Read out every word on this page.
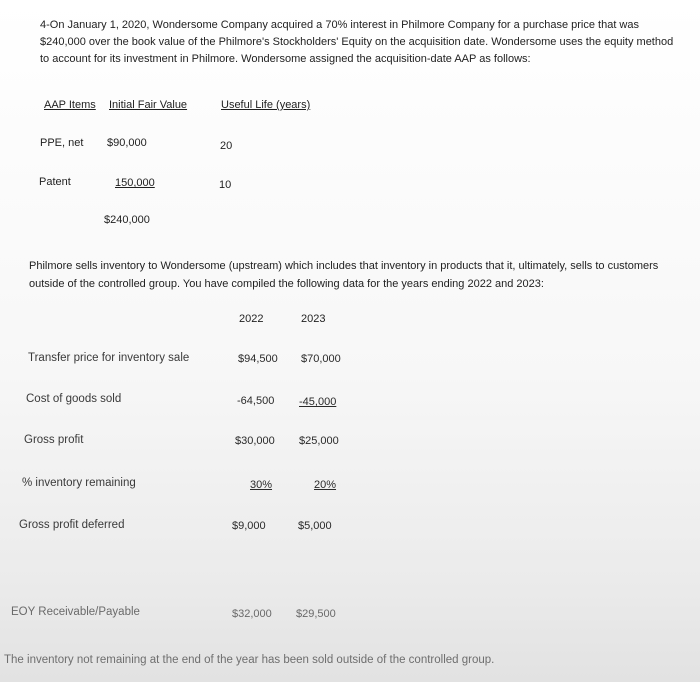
4-On January 1, 2020, Wondersome Company acquired a 70% interest in Philmore Company for a purchase price that was $240,000 over the book value of the Philmore's Stockholders' Equity on the acquisition date. Wondersome uses the equity method to account for its investment in Philmore. Wondersome assigned the acquisition-date AAP as follows:
AAP Items Initial Fair Value	Useful Life (years)
PPE, net $90,000	20
Patent	150,000	10
$240,000
Philmore sells inventory to Wondersome (upstream) which includes that inventory in products that it, ultimately, sells to customers outside of the controlled group. You have compiled the following data for the years ending 2022 and 2023:
2022	2023
Transfer price for inventory sale	$94,500 $70,000
Cost of goods sold	-64,500 -45,000
Gross profit	$30,000 $25,000
% inventory remaining	30%	20%
Gross profit deferred	$9,000	$5,000
EOY Receivable/Payable	$32,000 $29,500
The inventory not remaining at the end of the year has been sold outside of the controlled group.
